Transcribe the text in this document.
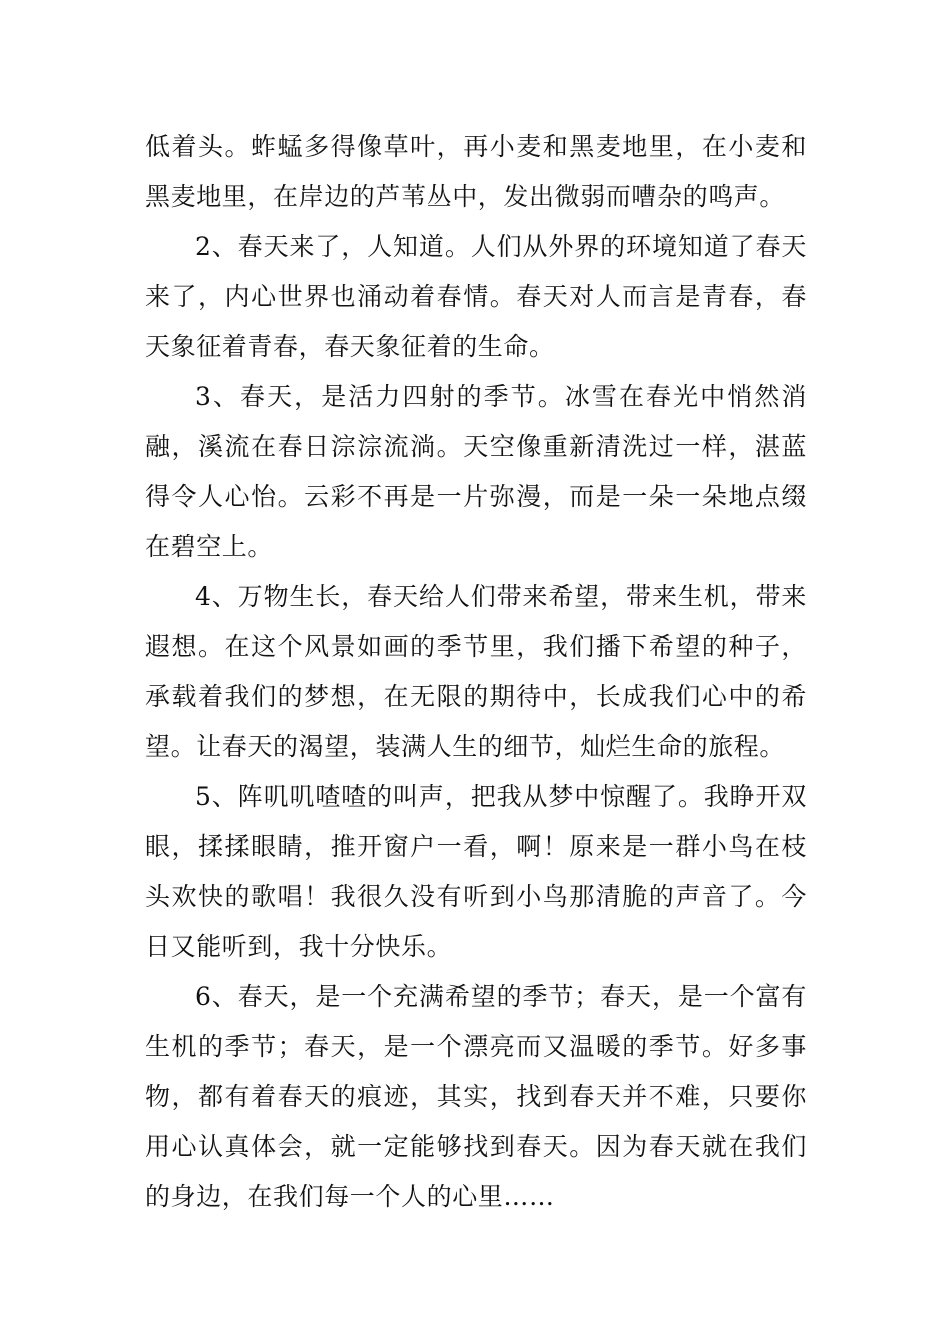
低着头。蚱蜢多得像草叶，再小麦和黑麦地里，在小麦和黑麦地里，在岸边的芦苇丛中，发出微弱而嘈杂的鸣声。

2、春天来了，人知道。人们从外界的环境知道了春天来了，内心世界也涌动着春情。春天对人而言是青春，春天象征着青春，春天象征着的生命。

3、春天，是活力四射的季节。冰雪在春光中悄然消融，溪流在春日淙淙流淌。天空像重新清洗过一样，湛蓝得令人心怡。云彩不再是一片弥漫，而是一朵一朵地点缀在碧空上。

4、万物生长，春天给人们带来希望，带来生机，带来遐想。在这个风景如画的季节里，我们播下希望的种子，承载着我们的梦想，在无限的期待中，长成我们心中的希望。让春天的渴望，装满人生的细节，灿烂生命的旅程。

5、阵叽叽喳喳的叫声，把我从梦中惊醒了。我睁开双眼，揉揉眼睛，推开窗户一看，啊！原来是一群小鸟在枝头欢快的歌唱！我很久没有听到小鸟那清脆的声音了。今日又能听到，我十分快乐。

6、春天，是一个充满希望的季节；春天，是一个富有生机的季节；春天，是一个漂亮而又温暖的季节。好多事物，都有着春天的痕迹，其实，找到春天并不难，只要你用心认真体会，就一定能够找到春天。因为春天就在我们的身边，在我们每一个人的心里……
